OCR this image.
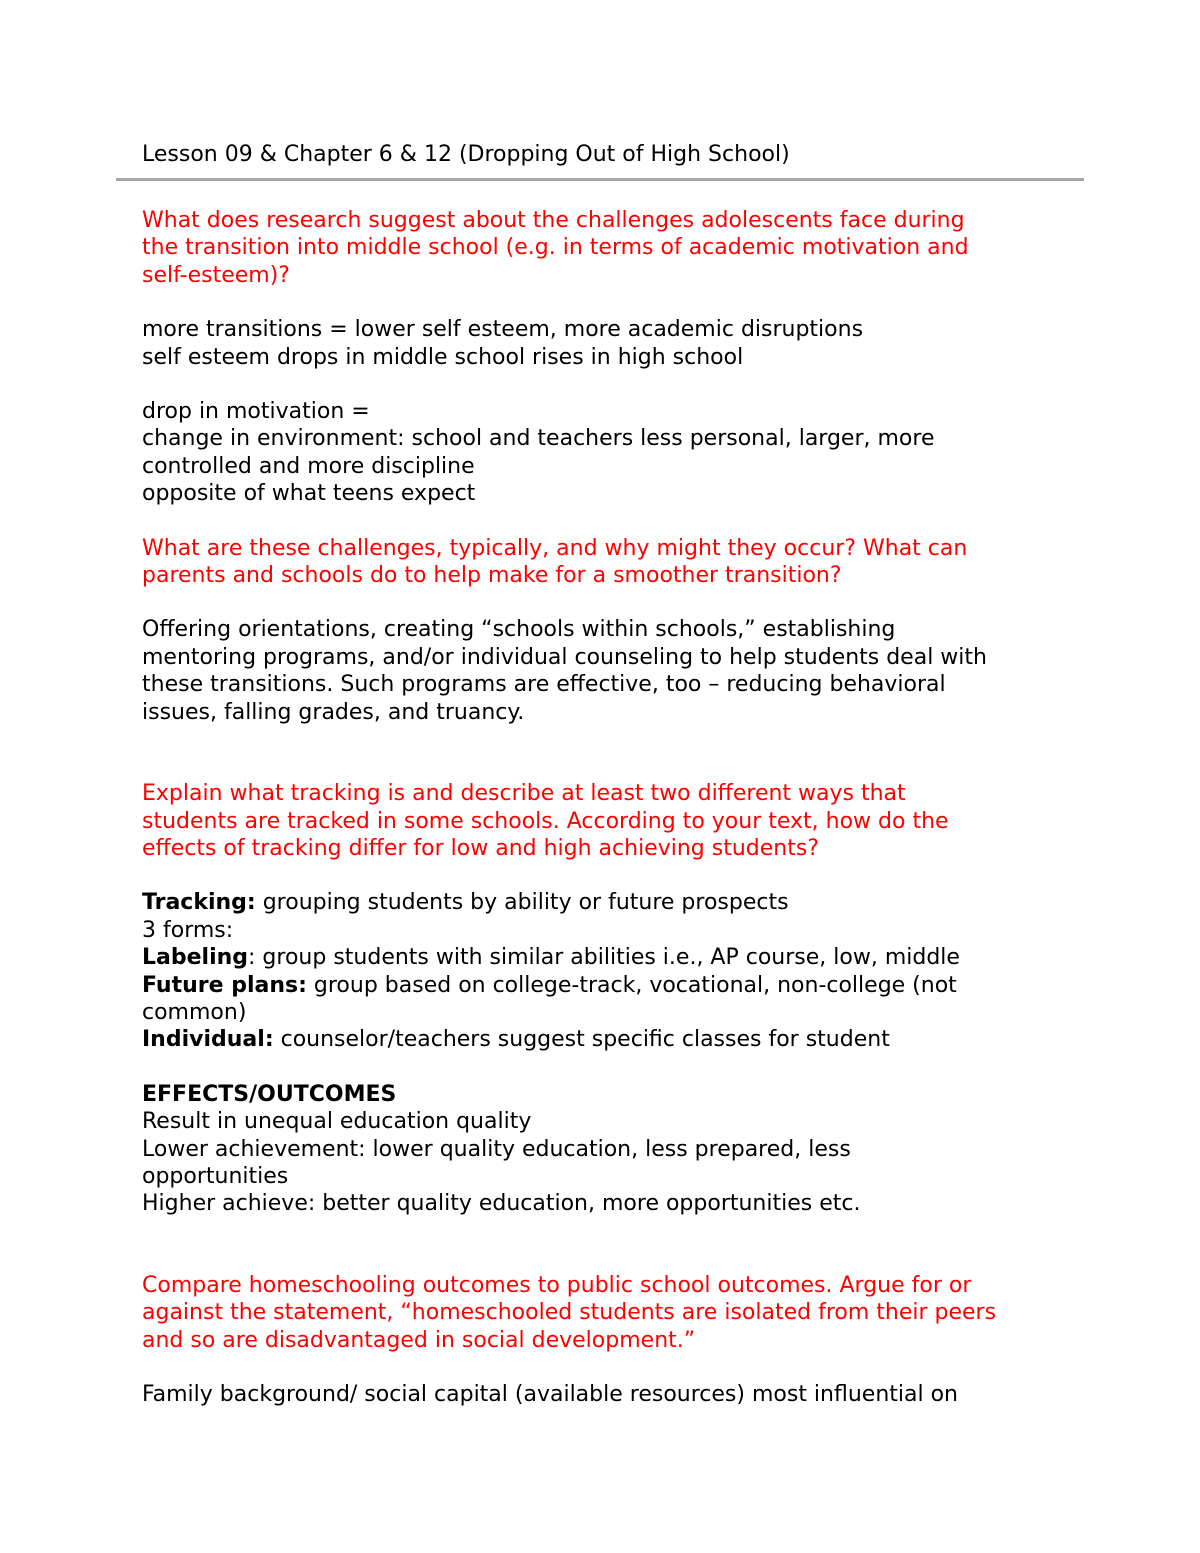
Lesson 09 & Chapter 6 & 12 (Dropping Out of High School)

What does research suggest about the challenges adolescents face during

the transition into middle school (e.g. in terms of academic motivation and

self-esteem)?

more transitions = lower self esteem, more academic disruptions

self esteem drops in middle school rises in high school

drop in motivation =

change in environment: school and teachers less personal, larger, more

controlled and more discipline

opposite of what teens expect

What are these challenges, typically, and why might they occur? What can

parents and schools do to help make for a smoother transition?

Offering orientations, creating “schools within schools,” establishing

mentoring programs, and/or individual counseling to help students deal with

these transitions. Such programs are effective, too – reducing behavioral

issues, falling grades, and truancy.

Explain what tracking is and describe at least two different ways that

students are tracked in some schools. According to your text, how do the

effects of tracking differ for low and high achieving students?

Tracking: grouping students by ability or future prospects

3 forms:

Labeling: group students with similar abilities i.e., AP course, low, middle

Future plans: group based on college-track, vocational, non-college (not

common)

Individual: counselor/teachers suggest specific classes for student

EFFECTS/OUTCOMES

Result in unequal education quality

Lower achievement: lower quality education, less prepared, less

opportunities

Higher achieve: better quality education, more opportunities etc.

Compare homeschooling outcomes to public school outcomes. Argue for or

against the statement, “homeschooled students are isolated from their peers

and so are disadvantaged in social development.”

Family background/ social capital (available resources) most influential on
